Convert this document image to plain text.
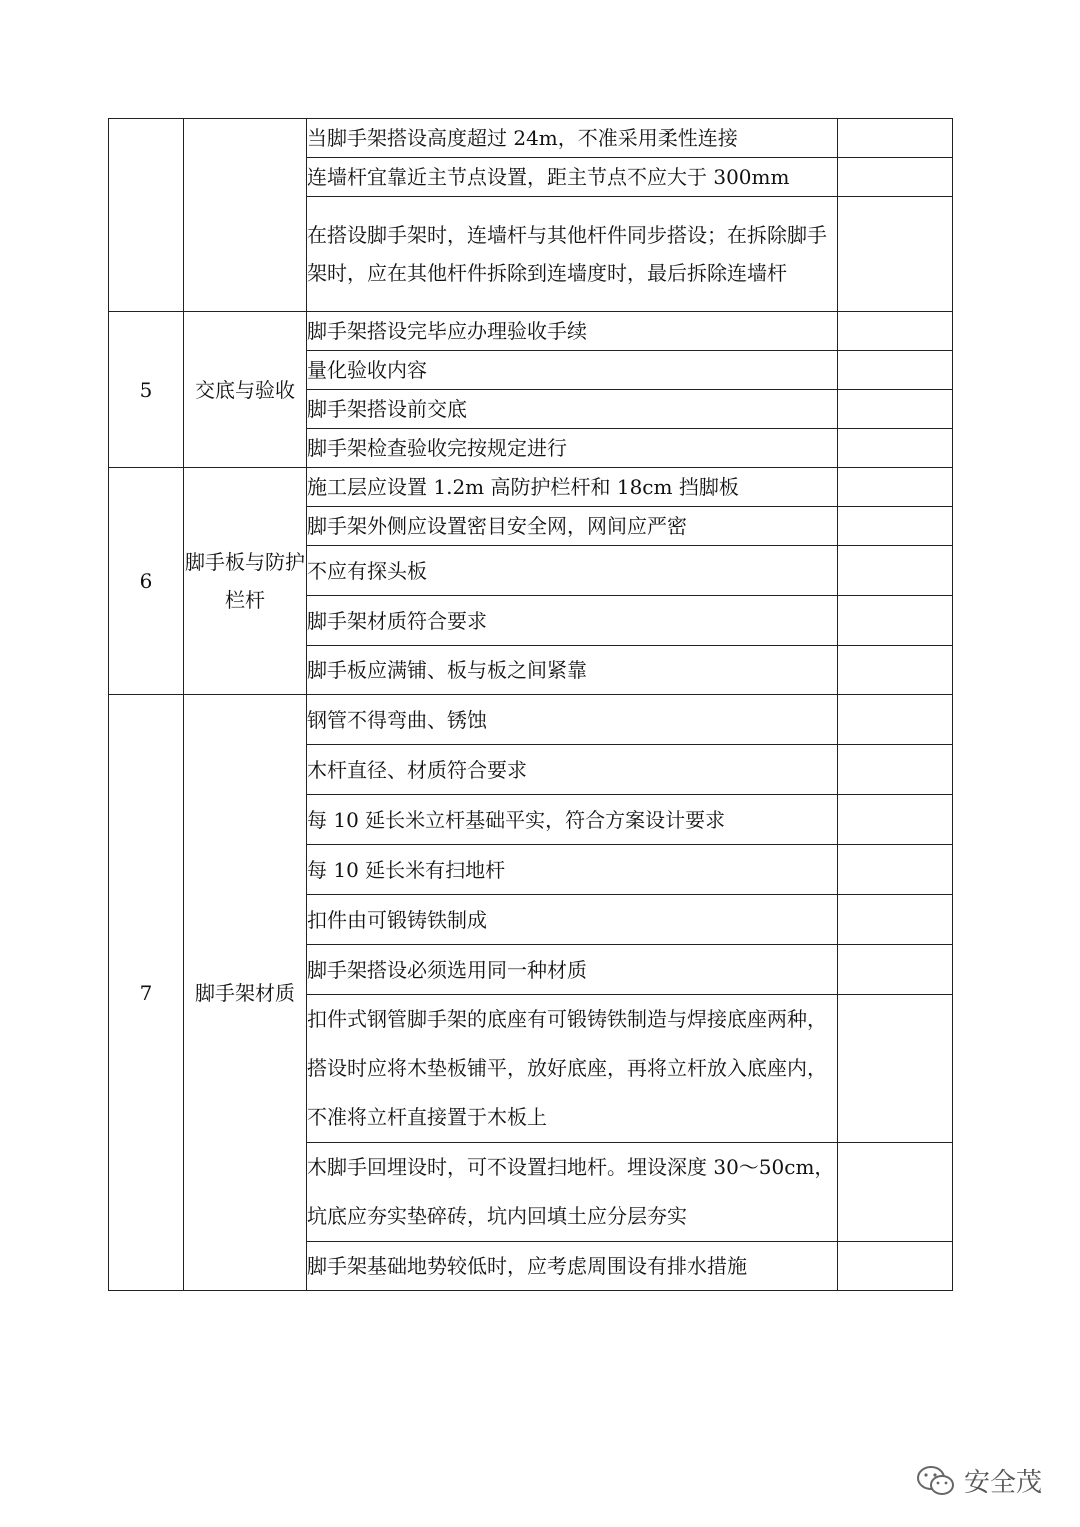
		当脚手架搭设高度超过 24m，不准采用柔性连接	
		连墙杆宜靠近主节点设置，距主节点不应大于 300mm	
		在搭设脚手架时，连墙杆与其他杆件同步搭设；在拆除脚手架时，应在其他杆件拆除到连墙度时，最后拆除连墙杆	
5	交底与验收	脚手架搭设完毕应办理验收手续	
		量化验收内容	
		脚手架搭设前交底	
		脚手架检查验收完按规定进行	
6	脚手板与防护栏杆	施工层应设置 1.2m 高防护栏杆和 18cm 挡脚板	
		脚手架外侧应设置密目安全网，网间应严密	
		不应有探头板	
		脚手架材质符合要求	
		脚手板应满铺、板与板之间紧靠	
7	脚手架材质	钢管不得弯曲、锈蚀	
		木杆直径、材质符合要求	
		每 10 延长米立杆基础平实，符合方案设计要求	
		每 10 延长米有扫地杆	
		扣件由可锻铸铁制成	
		脚手架搭设必须选用同一种材质	
		扣件式钢管脚手架的底座有可锻铸铁制造与焊接底座两种，搭设时应将木垫板铺平，放好底座，再将立杆放入底座内，不准将立杆直接置于木板上	
		木脚手回埋设时，可不设置扫地杆。埋设深度 30～50cm，坑底应夯实垫碎砖，坑内回填土应分层夯实	
		脚手架基础地势较低时，应考虑周围设有排水措施	
安全茂
